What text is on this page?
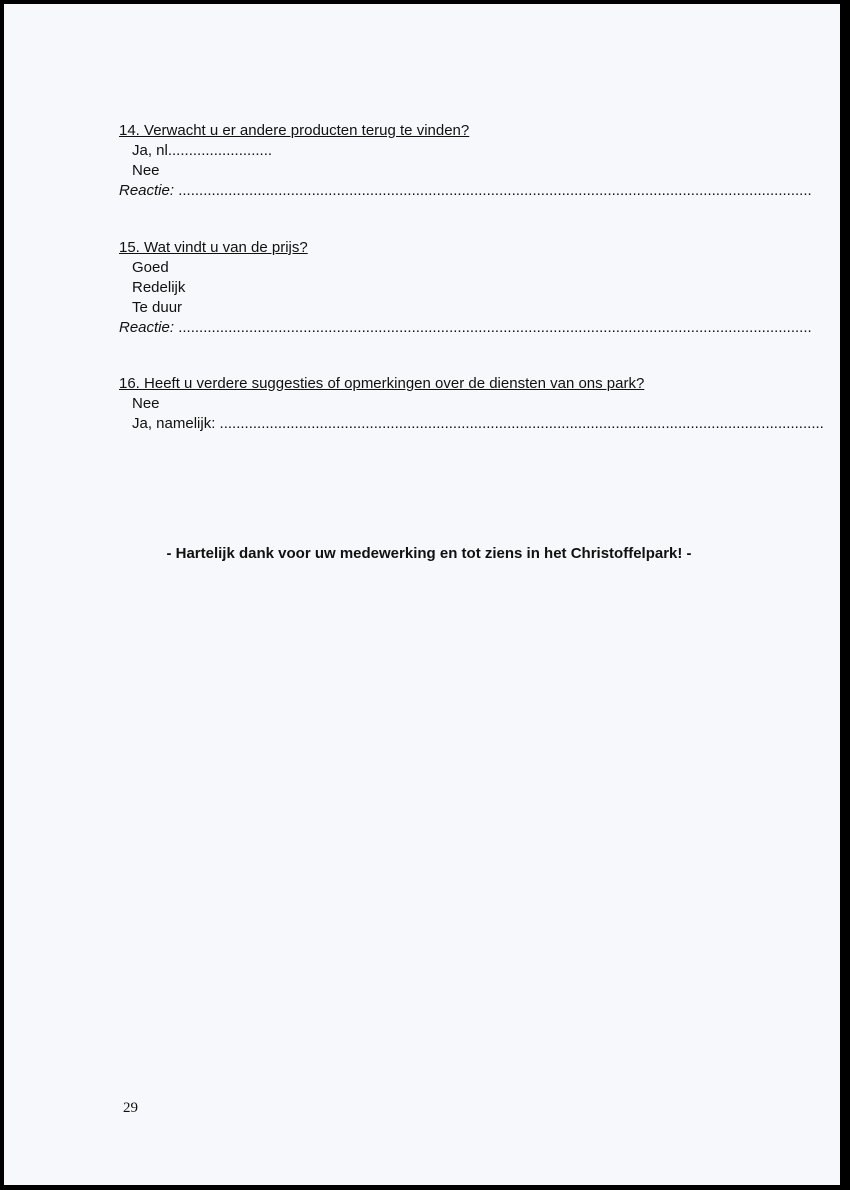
14. Verwacht u er andere producten terug te vinden?
Ja, nl.........................
Nee
Reactie: ........................................................................................................................................................
15. Wat vindt u van de prijs?
Goed
Redelijk
Te duur
Reactie: ........................................................................................................................................................
16. Heeft u verdere suggesties of opmerkingen over de diensten van ons park?
Nee
Ja, namelijk: .................................................................................................................................................
- Hartelijk dank voor uw medewerking en tot ziens in het Christoffelpark! -
29
